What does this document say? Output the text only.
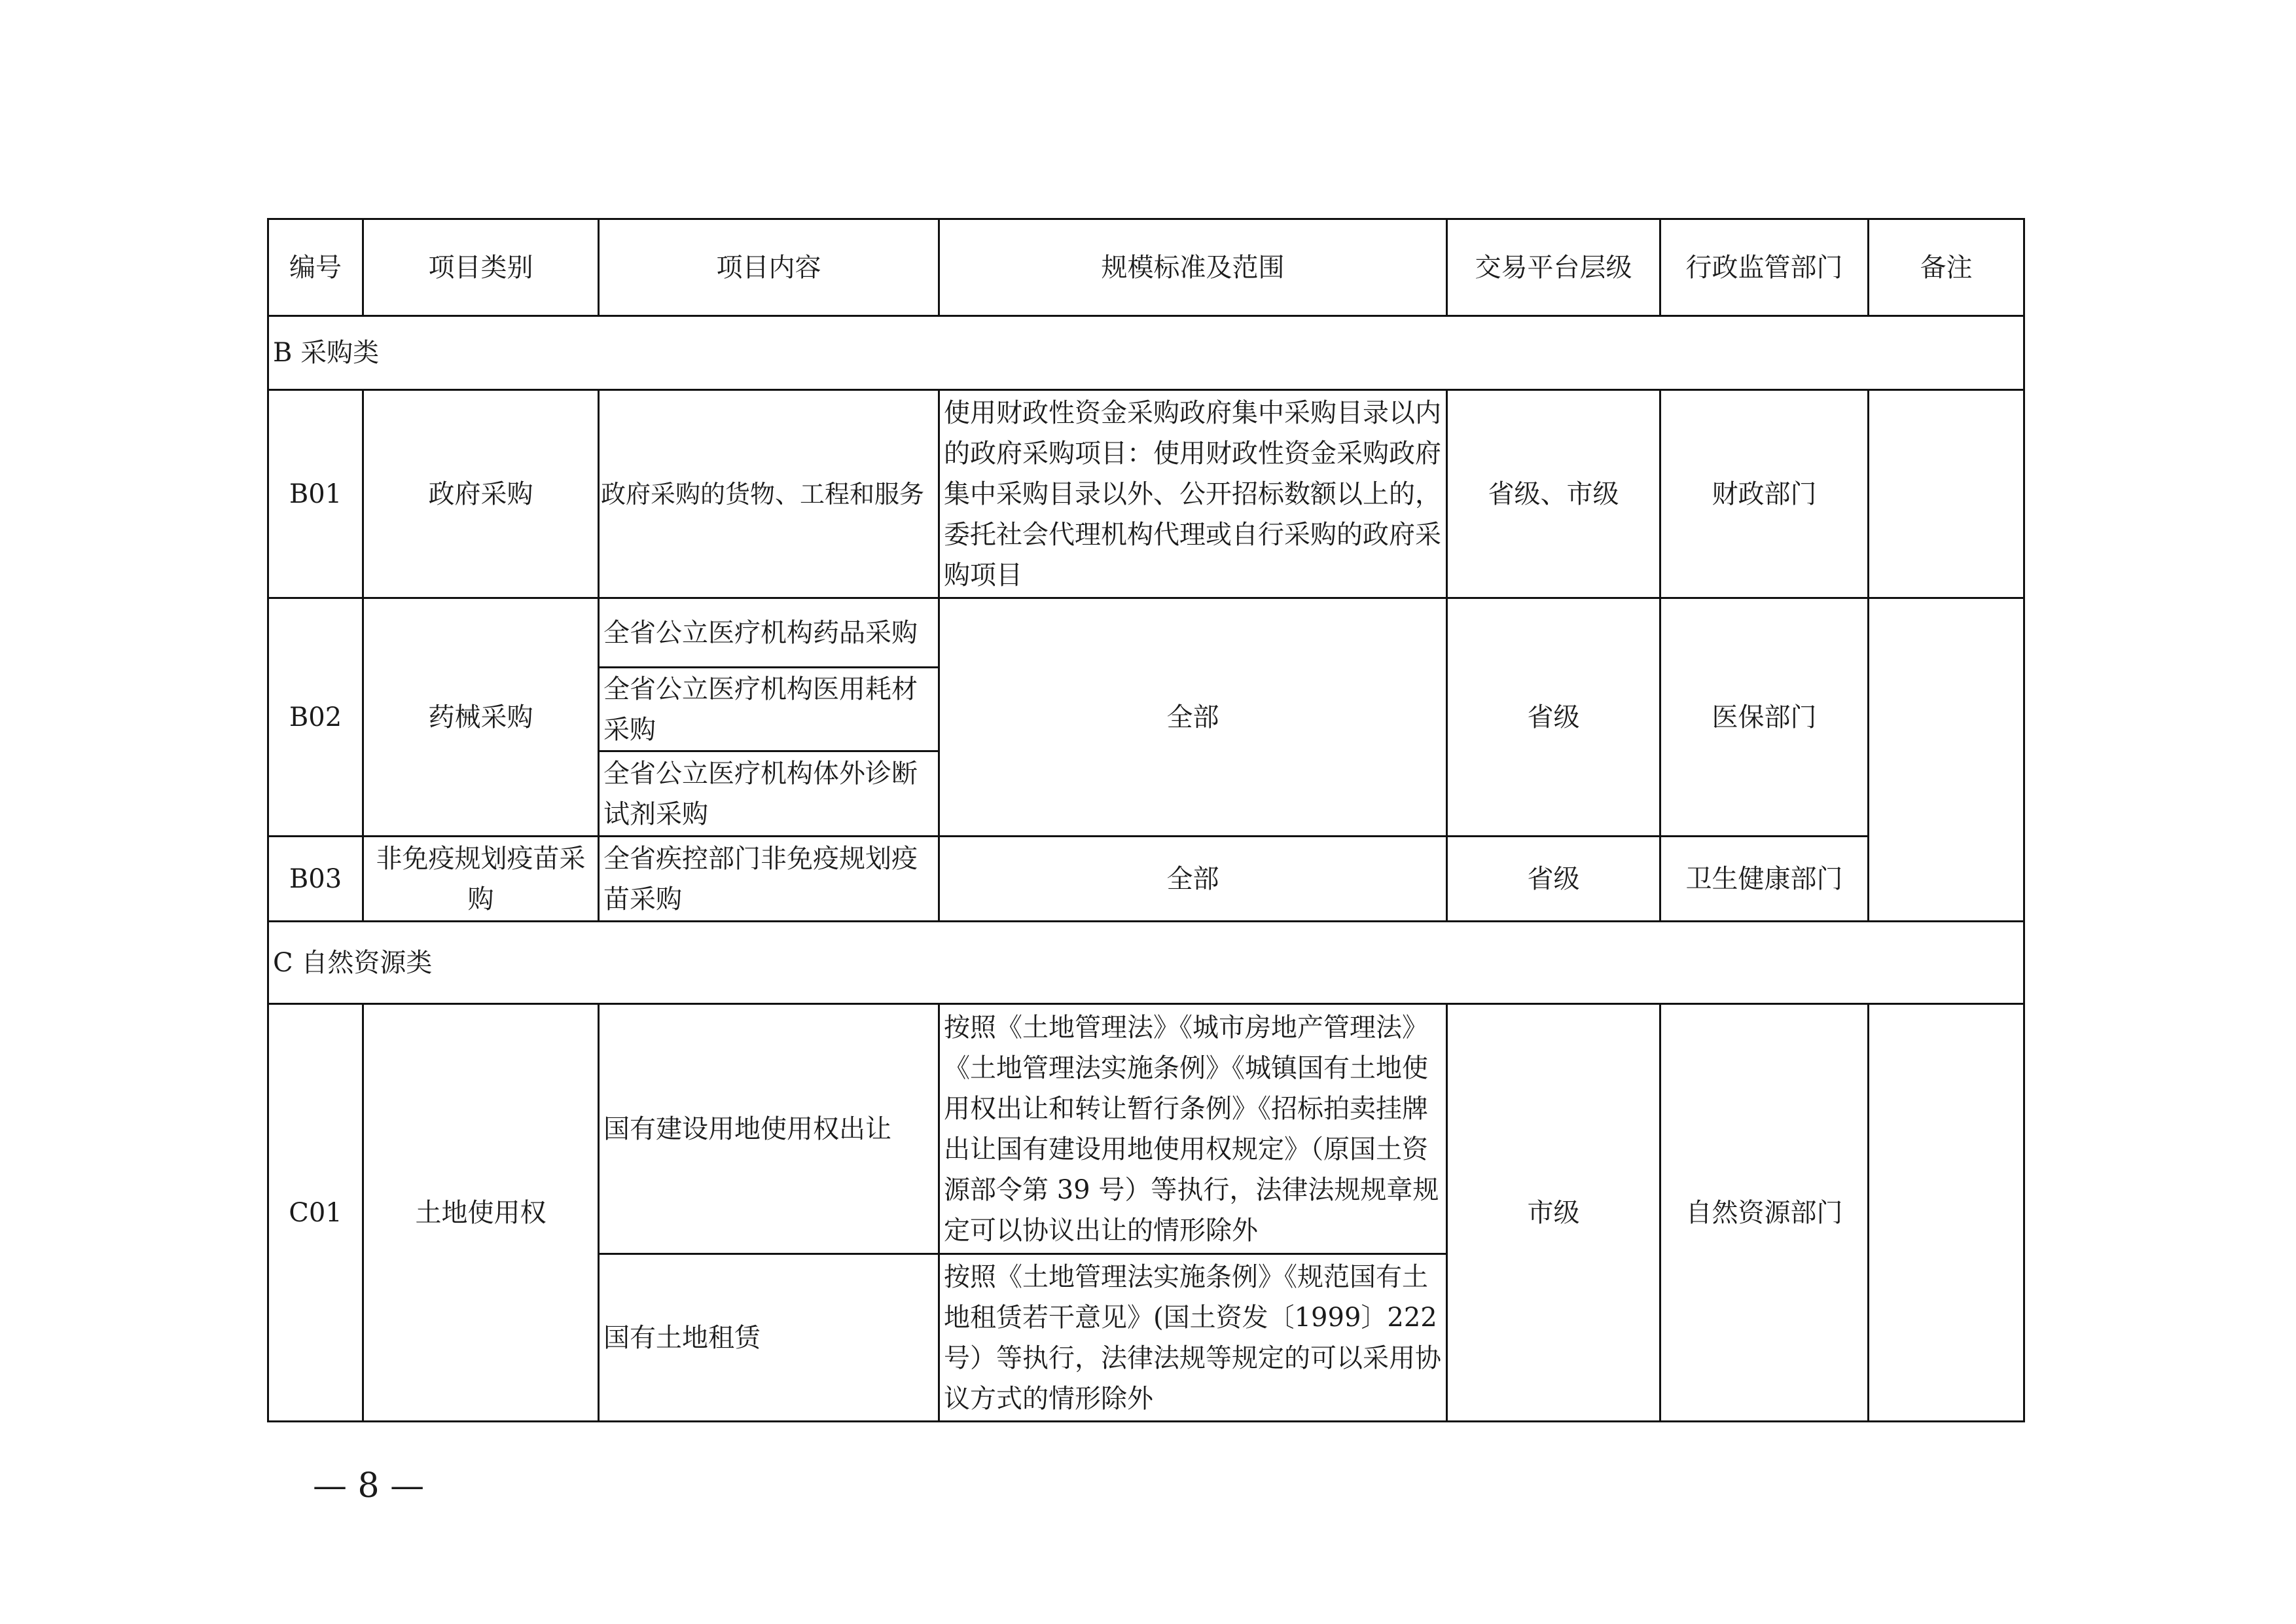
编号	项目类别	项目内容	规模标准及范围	交易平台层级	行政监管部门	备注
B 采购类						
B01	政府采购	政府采购的货物、工程和服务	使用财政性资金采购政府集中采购目录以内的政府采购项目：使用财政性资金采购政府集中采购目录以外、公开招标数额以上的，委托社会代理机构代理或自行采购的政府采购项目	省级、市级	财政部门	
B02	药械采购	全省公立医疗机构药品采购	全部	省级	医保部门	
		全省公立医疗机构医用耗材采购				
		全省公立医疗机构体外诊断试剂采购				
B03	非免疫规划疫苗采购	全省疾控部门非免疫规划疫苗采购	全部	省级	卫生健康部门	
C 自然资源类						
C01	土地使用权	国有建设用地使用权出让	按照《土地管理法》《城市房地产管理法》《土地管理法实施条例》《城镇国有土地使用权出让和转让暂行条例》《招标拍卖挂牌出让国有建设用地使用权规定》（原国土资源部令第 39 号）等执行，法律法规规章规定可以协议出让的情形除外	市级	自然资源部门	
		国有土地租赁	按照《土地管理法实施条例》《规范国有土地租赁若干意见》(国土资发〔1999〕222 号）等执行，法律法规等规定的可以采用协议方式的情形除外			
— 8 —
